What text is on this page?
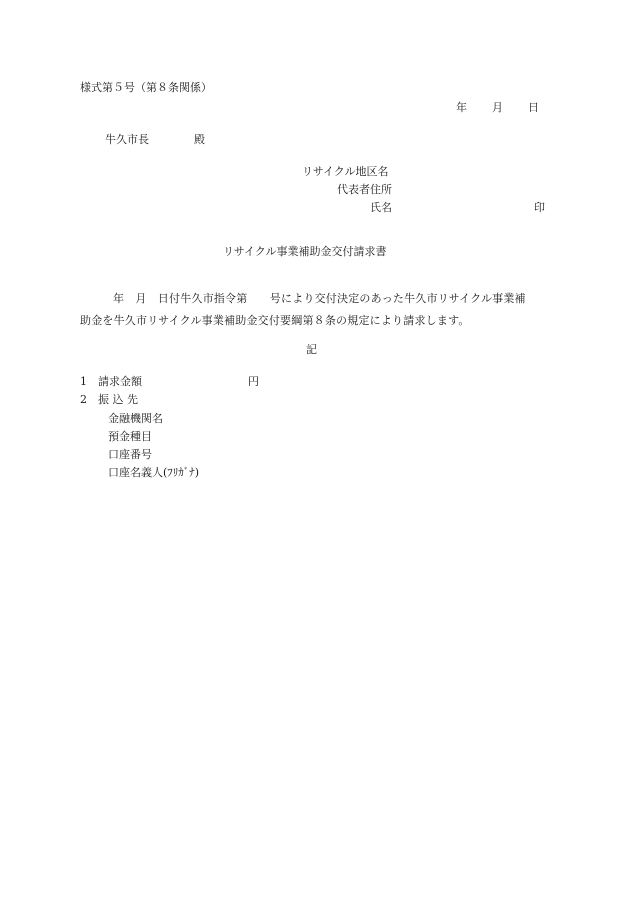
様式第５号（第８条関係）
年 月 日
牛久市長	殿
リサイクル地区名
代表者 住所
氏名	印
リサイクル事業補助金交付請求書

年　月　日付牛久市指令第　　号により交付決定のあった牛久市リサイクル事業補

助金を牛久市リサイクル事業補助金交付要綱第８条の規定により請求します。

記
1 請求金額	円
2 振 込 先
金融機関名
預金種目
口座番号
口座名義人(ﾌﾘｶﾞﾅ)
